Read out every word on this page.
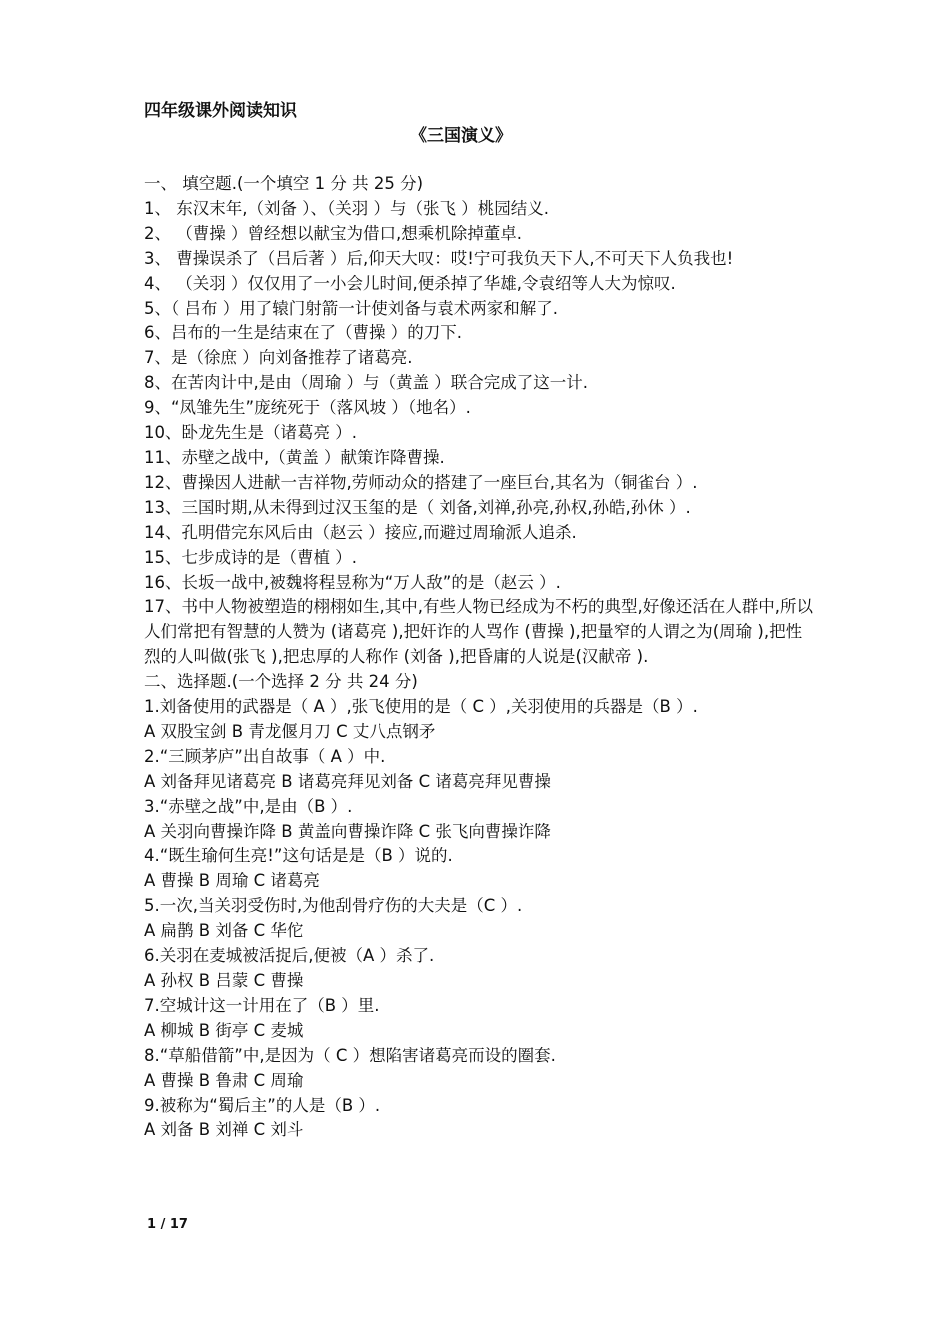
四年级课外阅读知识
《三国演义》
一、 填空题.(一个填空 1 分 共 25 分)
1、 东汉末年,（刘备 ）、（关羽 ）与（张飞 ）桃园结义.
2、 （曹操 ）曾经想以献宝为借口,想乘机除掉董卓.
3、 曹操误杀了（吕后著 ）后,仰天大叹：哎!宁可我负天下人,不可天下人负我也!
4、 （关羽 ）仅仅用了一小会儿时间,便杀掉了华雄,令袁绍等人大为惊叹.
5、（ 吕布 ）用了辕门射箭一计使刘备与袁术两家和解了.
6、吕布的一生是结束在了（曹操 ）的刀下.
7、是（徐庶 ）向刘备推荐了诸葛亮.
8、在苦肉计中,是由（周瑜 ）与（黄盖 ）联合完成了这一计.
9、“凤雏先生”庞统死于（落风坡 ）（地名）.
10、卧龙先生是（诸葛亮 ）.
11、赤壁之战中,（黄盖 ）献策诈降曹操.
12、曹操因人进献一吉祥物,劳师动众的搭建了一座巨台,其名为（铜雀台 ）.
13、三国时期,从未得到过汉玉玺的是（ 刘备,刘禅,孙亮,孙权,孙皓,孙休 ）.
14、孔明借完东风后由（赵云 ）接应,而避过周瑜派人追杀.
15、七步成诗的是（曹植 ）.
16、长坂一战中,被魏将程昱称为“万人敌”的是（赵云 ）.
17、书中人物被塑造的栩栩如生,其中,有些人物已经成为不朽的典型,好像还活在人群中,所以人们常把有智慧的人赞为 (诸葛亮 ),把奸诈的人骂作 (曹操 ),把量窄的人谓之为(周瑜 ),把性烈的人叫做(张飞 ),把忠厚的人称作 (刘备 ),把昏庸的人说是(汉献帝 ).
二、选择题.(一个选择 2 分 共 24 分)
1.刘备使用的武器是（ A ）,张飞使用的是（ C ）,关羽使用的兵器是（B ）.
A 双股宝剑 B 青龙偃月刀 C 丈八点钢矛
2.“三顾茅庐”出自故事（ A ）中.
A 刘备拜见诸葛亮 B 诸葛亮拜见刘备 C 诸葛亮拜见曹操
3.“赤壁之战”中,是由（B ）.
A 关羽向曹操诈降 B 黄盖向曹操诈降 C 张飞向曹操诈降
4.“既生瑜何生亮!”这句话是是（B ）说的.
A 曹操 B 周瑜 C 诸葛亮
5.一次,当关羽受伤时,为他刮骨疗伤的大夫是（C ）.
A 扁鹊 B 刘备 C 华佗
6.关羽在麦城被活捉后,便被（A ）杀了.
A 孙权 B 吕蒙 C 曹操
7.空城计这一计用在了（B ）里.
A 柳城 B 街亭 C 麦城
8.“草船借箭”中,是因为（ C ）想陷害诸葛亮而设的圈套.
A 曹操 B 鲁肃 C 周瑜
9.被称为“蜀后主”的人是（B ）.
A 刘备 B 刘禅 C 刘斗
1 / 17
